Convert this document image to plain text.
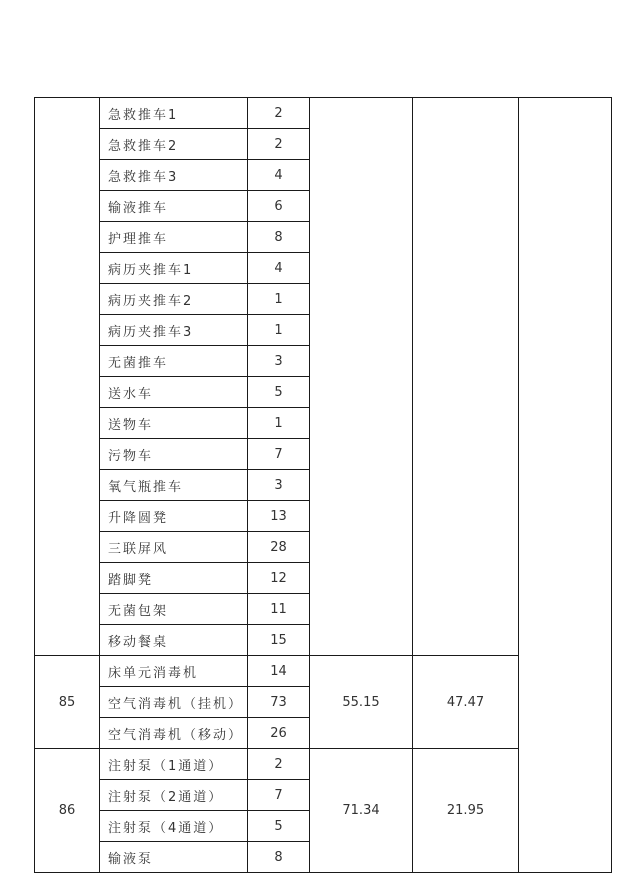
	急救推车1	2			
	急救推车2	2			
	急救推车3	4			
	输液推车	6			
	护理推车	8			
	病历夹推车1	4			
	病历夹推车2	1			
	病历夹推车3	1			
	无菌推车	3			
	送水车	5			
	送物车	1			
	污物车	7			
	氧气瓶推车	3			
	升降圆凳	13			
	三联屏风	28			
	踏脚凳	12			
	无菌包架	11			
	移动餐桌	15			
85	床单元消毒机	14	55.15	47.47	
	空气消毒机（挂机）	73			
	空气消毒机（移动）	26			
86	注射泵（1通道）	2	71.34	21.95	
	注射泵（2通道）	7			
	注射泵（4通道）	5			
	输液泵	8			
